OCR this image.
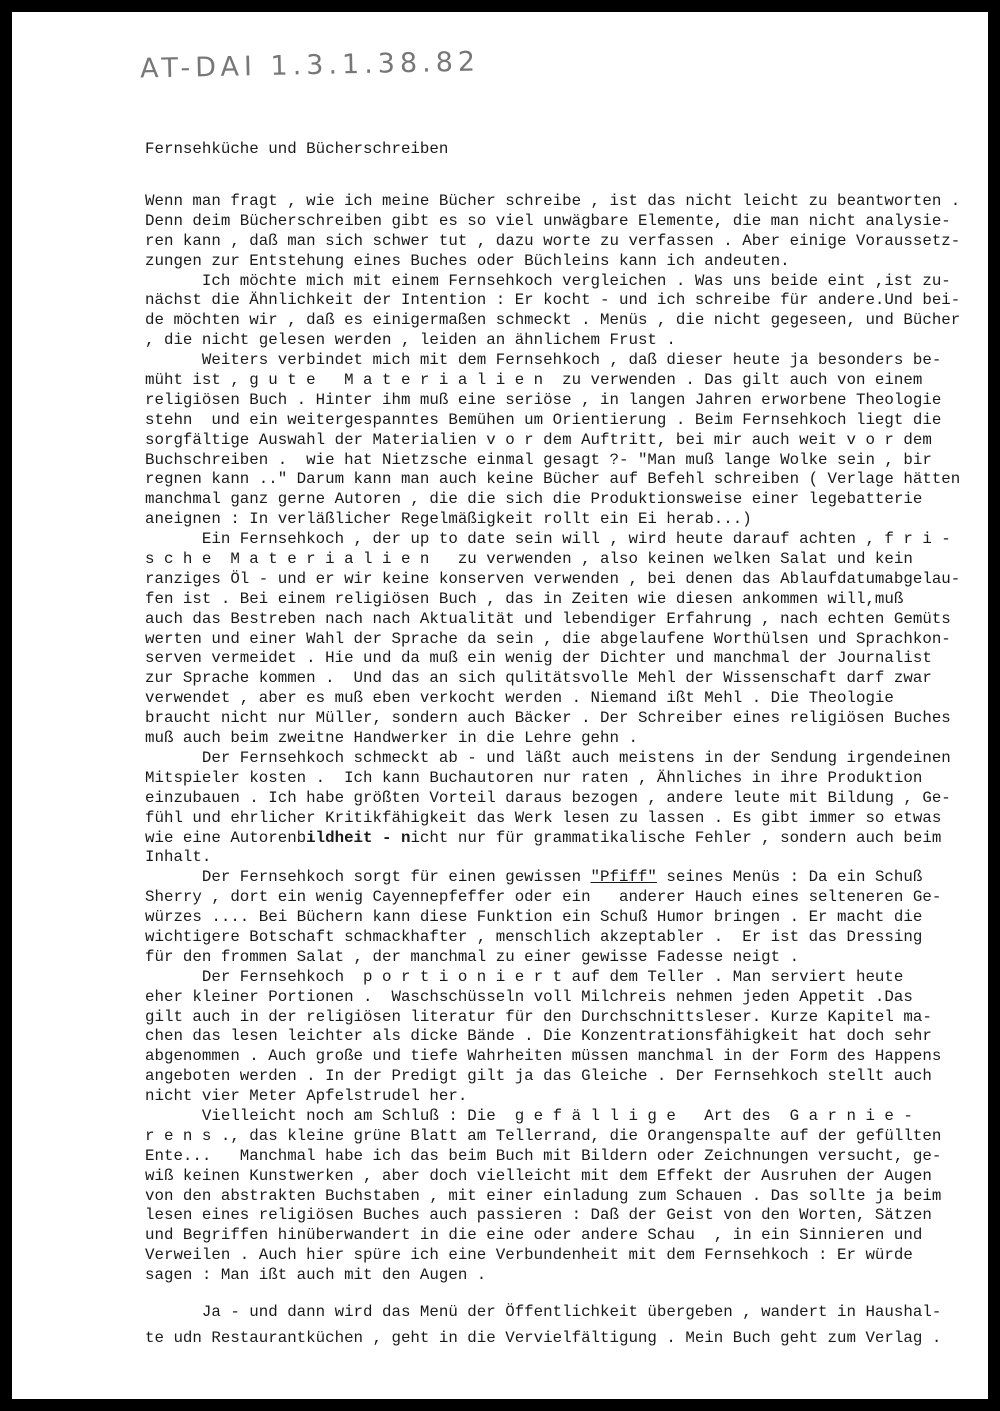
AT-DAI 1.3.1.38.82

Fernsehküche und Bücherschreiben

Wenn man fragt , wie ich meine Bücher schreibe , ist das nicht leicht zu beantworten .
Denn deim Bücherschreiben gibt es so viel unwägbare Elemente, die man nicht analysie-
ren kann , daß man sich schwer tut , dazu worte zu verfassen . Aber einige Voraussetz-
zungen zur Entstehung eines Buches oder Büchleins kann ich andeuten.
Ich möchte mich mit einem Fernsehkoch vergleichen . Was uns beide eint ,ist zu-
nächst die Ähnlichkeit der Intention : Er kocht - und ich schreibe für andere.Und bei-
de möchten wir , daß es einigermaßen schmeckt . Menüs , die nicht gegeseen, und Bücher
, die nicht gelesen werden , leiden an ähnlichem Frust .
Weiters verbindet mich mit dem Fernsehkoch , daß dieser heute ja besonders be-
müht ist , g u t e   M a t e r i a l i e n  zu verwenden . Das gilt auch von einem
religiösen Buch . Hinter ihm muß eine seriöse , in langen Jahren erworbene Theologie
stehn  und ein weitergespanntes Bemühen um Orientierung . Beim Fernsehkoch liegt die
sorgfältige Auswahl der Materialien v o r dem Auftritt, bei mir auch weit v o r dem
Buchschreiben .  wie hat Nietzsche einmal gesagt ?- "Man muß lange Wolke sein , bir
regnen kann .." Darum kann man auch keine Bücher auf Befehl schreiben ( Verlage hätten
manchmal ganz gerne Autoren , die die sich die Produktionsweise einer legebatterie
aneignen : In verläßlicher Regelmäßigkeit rollt ein Ei herab...)
Ein Fernsehkoch , der up to date sein will , wird heute darauf achten , f r i -
s c h e  M a t e r i a l i e n   zu verwenden , also keinen welken Salat und kein
ranziges Öl - und er wir keine konserven verwenden , bei denen das Ablaufdatumabgelau-
fen ist . Bei einem religiösen Buch , das in Zeiten wie diesen ankommen will,muß
auch das Bestreben nach nach Aktualität und lebendiger Erfahrung , nach echten Gemüts
werten und einer Wahl der Sprache da sein , die abgelaufene Worthülsen und Sprachkon-
serven vermeidet . Hie und da muß ein wenig der Dichter und manchmal der Journalist
zur Sprache kommen .  Und das an sich qulitätsvolle Mehl der Wissenschaft darf zwar
verwendet , aber es muß eben verkocht werden . Niemand ißt Mehl . Die Theologie
braucht nicht nur Müller, sondern auch Bäcker . Der Schreiber eines religiösen Buches
muß auch beim zweitne Handwerker in die Lehre gehn .
Der Fernsehkoch schmeckt ab - und läßt auch meistens in der Sendung irgendeinen
Mitspieler kosten .  Ich kann Buchautoren nur raten , Ähnliches in ihre Produktion
einzubauen . Ich habe größten Vorteil daraus bezogen , andere leute mit Bildung , Ge-
fühl und ehrlicher Kritikfähigkeit das Werk lesen zu lassen . Es gibt immer so etwas
wie eine Autorenbildheit - nicht nur für grammatikalische Fehler , sondern auch beim
Inhalt.
Der Fernsehkoch sorgt für einen gewissen "Pfiff" seines Menüs : Da ein Schuß
Sherry , dort ein wenig Cayennepfeffer oder ein   anderer Hauch eines selteneren Ge-
würzes .... Bei Büchern kann diese Funktion ein Schuß Humor bringen . Er macht die
wichtigere Botschaft schmackhafter , menschlich akzeptabler .  Er ist das Dressing
für den frommen Salat , der manchmal zu einer gewisse Fadesse neigt .
Der Fernsehkoch  p o r t i o n i e r t auf dem Teller . Man serviert heute
eher kleiner Portionen .  Waschschüsseln voll Milchreis nehmen jeden Appetit .Das
gilt auch in der religiösen literatur für den Durchschnittsleser. Kurze Kapitel ma-
chen das lesen leichter als dicke Bände . Die Konzentrationsfähigkeit hat doch sehr
abgenommen . Auch große und tiefe Wahrheiten müssen manchmal in der Form des Happens
angeboten werden . In der Predigt gilt ja das Gleiche . Der Fernsehkoch stellt auch
nicht vier Meter Apfelstrudel her.
Vielleicht noch am Schluß : Die  g e f ä l l i g e   Art des  G a r n i e -
r e n s ., das kleine grüne Blatt am Tellerrand, die Orangenspalte auf der gefüllten
Ente...   Manchmal habe ich das beim Buch mit Bildern oder Zeichnungen versucht, ge-
wiß keinen Kunstwerken , aber doch vielleicht mit dem Effekt der Ausruhen der Augen
von den abstrakten Buchstaben , mit einer einladung zum Schauen . Das sollte ja beim
lesen eines religiösen Buches auch passieren : Daß der Geist von den Worten, Sätzen
und Begriffen hinüberwandert in die eine oder andere Schau  , in ein Sinnieren und
Verweilen . Auch hier spüre ich eine Verbundenheit mit dem Fernsehkoch : Er würde
sagen : Man ißt auch mit den Augen .
Ja - und dann wird das Menü der Öffentlichkeit übergeben , wandert in Haushal-
te udn Restaurantküchen , geht in die Vervielfältigung . Mein Buch geht zum Verlag .
